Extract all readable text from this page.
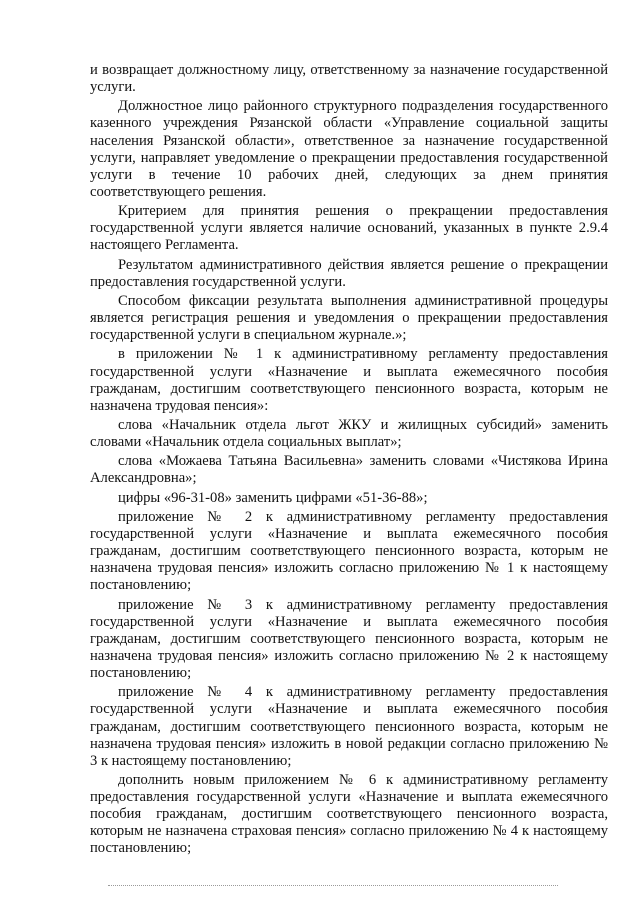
и возвращает должностному лицу, ответственному за назначение государственной услуги.

Должностное лицо районного структурного подразделения государственного казенного учреждения Рязанской области «Управление социальной защиты населения Рязанской области», ответственное за назначение государственной услуги, направляет уведомление о прекращении предоставления государственной услуги в течение 10 рабочих дней, следующих за днем принятия соответствующего решения.

Критерием для принятия решения о прекращении предоставления государственной услуги является наличие оснований, указанных в пункте 2.9.4 настоящего Регламента.

Результатом административного действия является решение о прекращении предоставления государственной услуги.

Способом фиксации результата выполнения административной процедуры является регистрация решения и уведомления о прекращении предоставления государственной услуги в специальном журнале.»;

в приложении № 1 к административному регламенту предоставления государственной услуги «Назначение и выплата ежемесячного пособия гражданам, достигшим соответствующего пенсионного возраста, которым не назначена трудовая пенсия»:

слова «Начальник отдела льгот ЖКУ и жилищных субсидий» заменить словами «Начальник отдела социальных выплат»;

слова «Можаева Татьяна Васильевна» заменить словами «Чистякова Ирина Александровна»;

цифры «96-31-08» заменить цифрами «51-36-88»;

приложение № 2 к административному регламенту предоставления государственной услуги «Назначение и выплата ежемесячного пособия гражданам, достигшим соответствующего пенсионного возраста, которым не назначена трудовая пенсия» изложить согласно приложению № 1 к настоящему постановлению;

приложение № 3 к административному регламенту предоставления государственной услуги «Назначение и выплата ежемесячного пособия гражданам, достигшим соответствующего пенсионного возраста, которым не назначена трудовая пенсия» изложить согласно приложению № 2 к настоящему постановлению;

приложение № 4 к административному регламенту предоставления государственной услуги «Назначение и выплата ежемесячного пособия гражданам, достигшим соответствующего пенсионного возраста, которым не назначена трудовая пенсия» изложить в новой редакции согласно приложению № 3 к настоящему постановлению;

дополнить новым приложением № 6 к административному регламенту предоставления государственной услуги «Назначение и выплата ежемесячного пособия гражданам, достигшим соответствующего пенсионного возраста, которым не назначена страховая пенсия» согласно приложению № 4 к настоящему постановлению;
